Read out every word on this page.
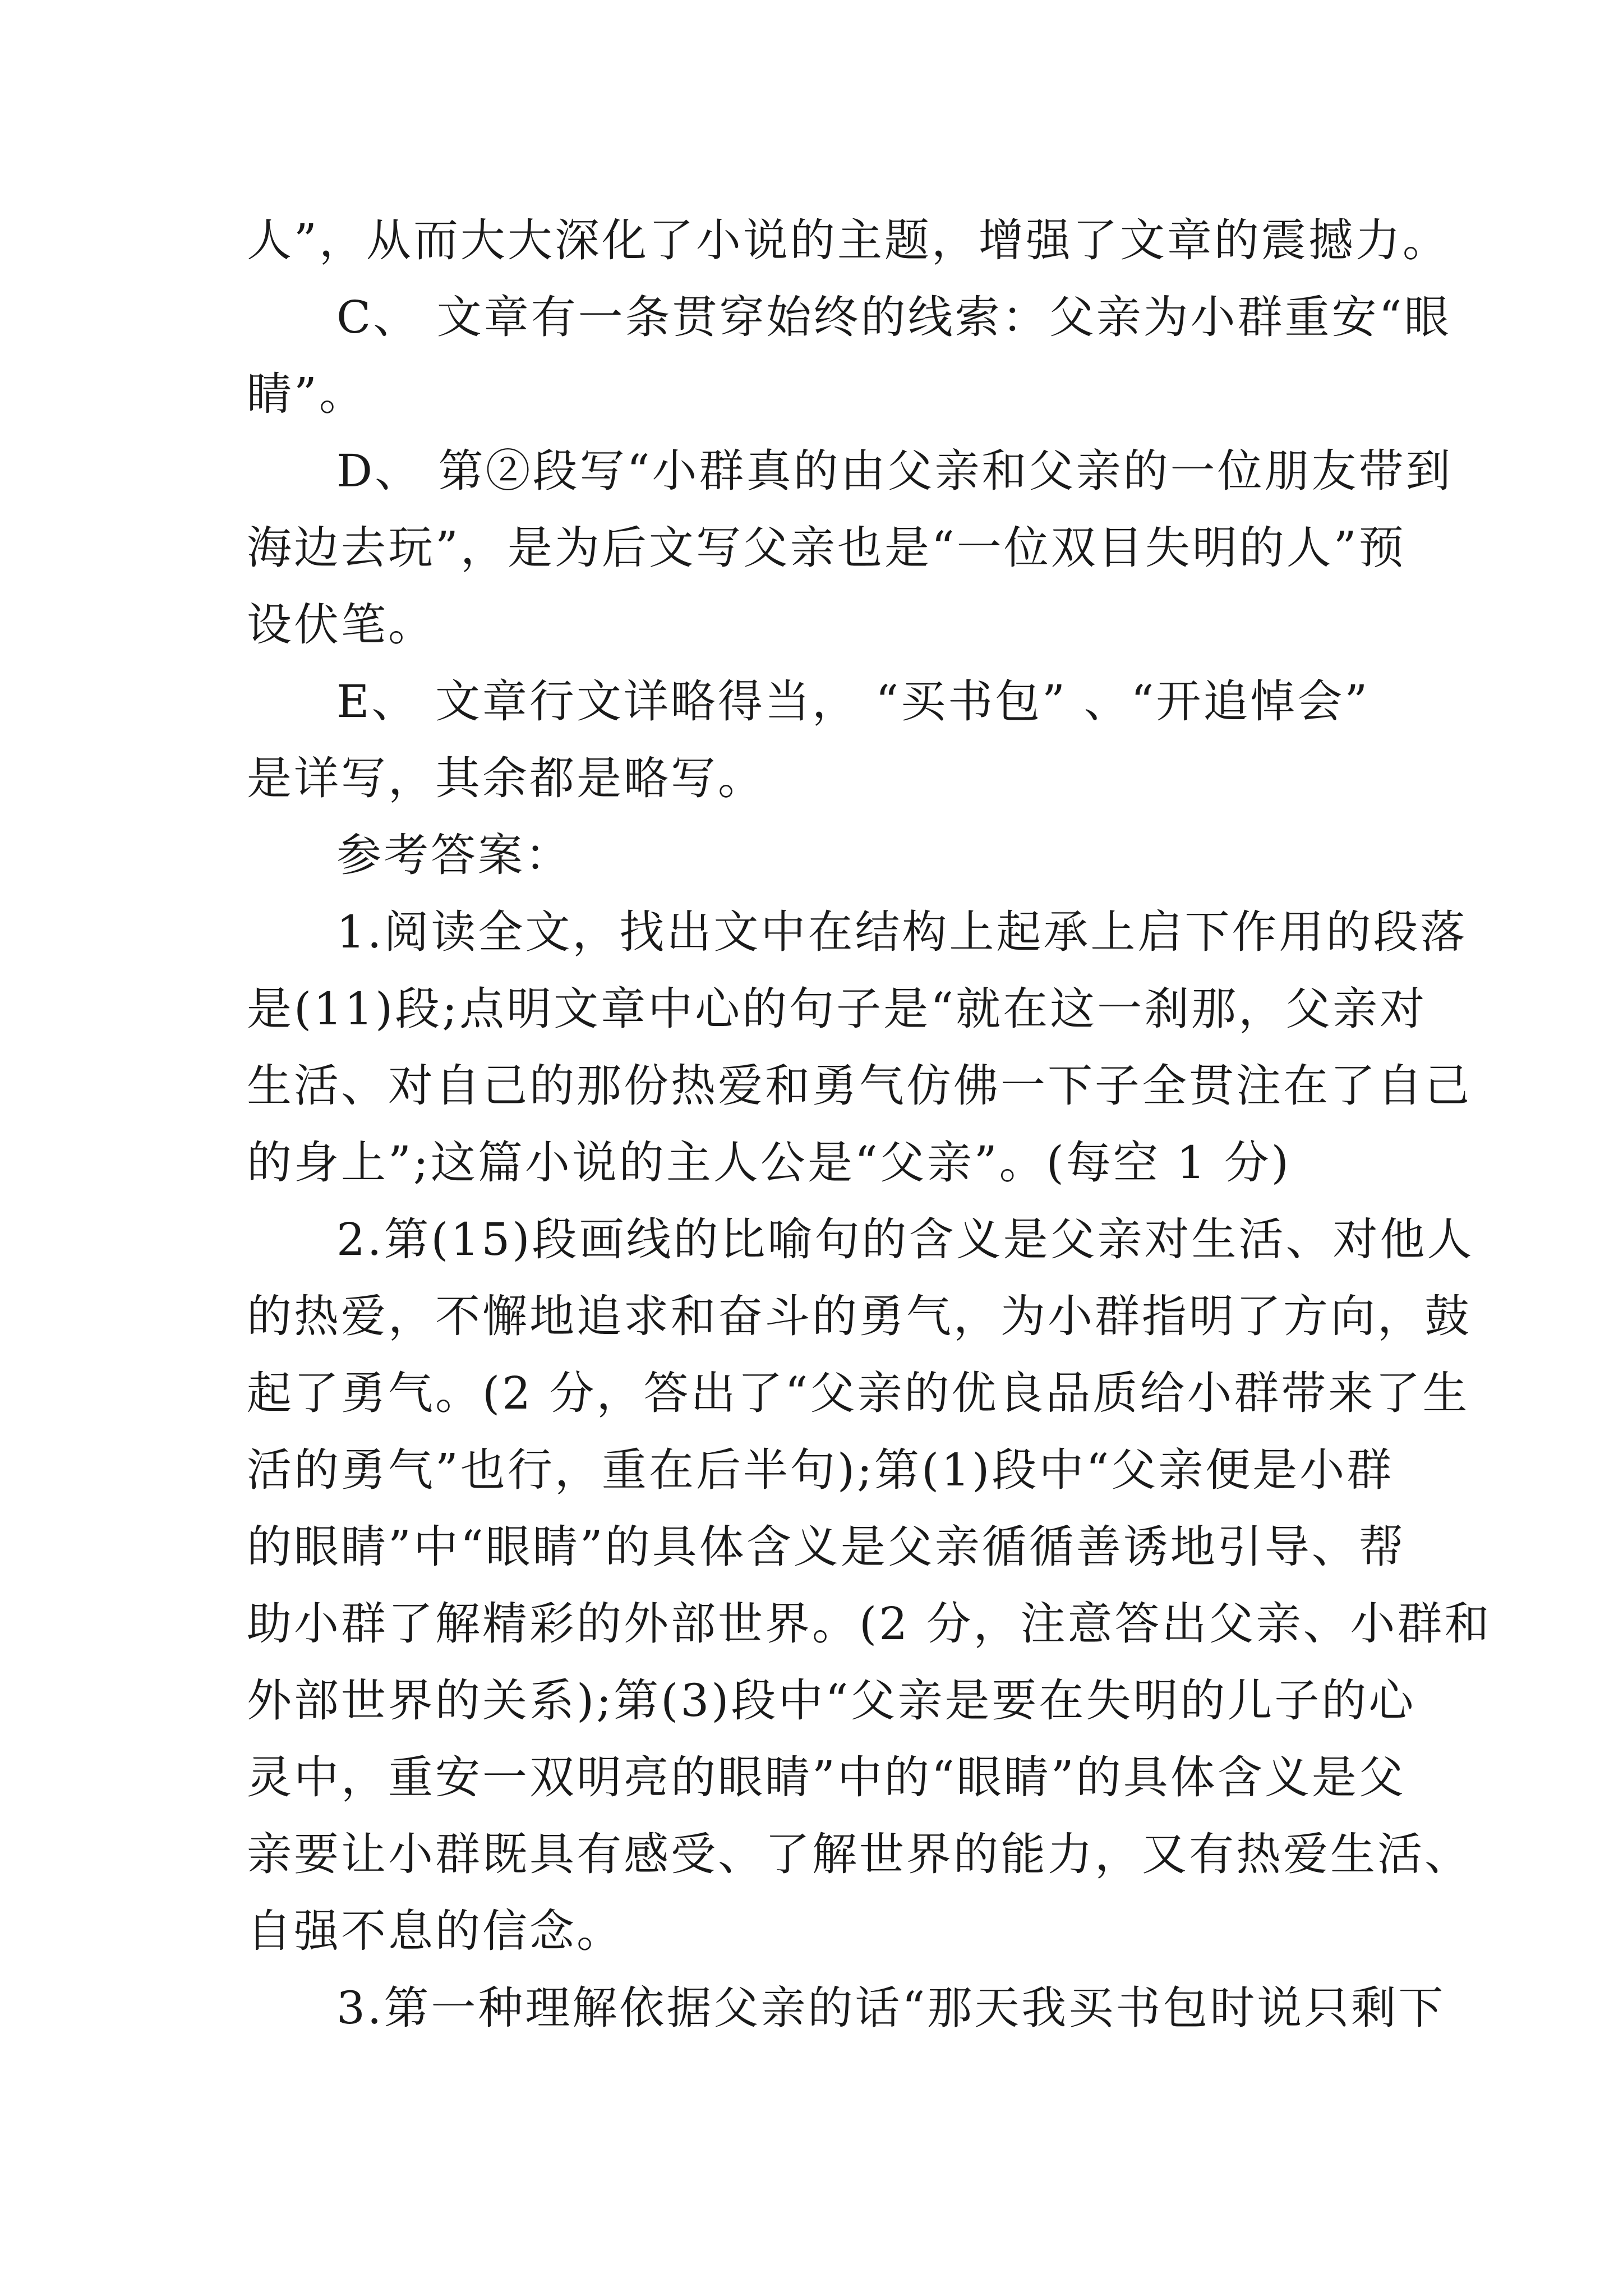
人”，从而大大深化了小说的主题，增强了文章的震撼力。
C、 文章有一条贯穿始终的线索：父亲为小群重安“眼
睛”。
D、 第②段写“小群真的由父亲和父亲的一位朋友带到
海边去玩”，是为后文写父亲也是“一位双目失明的人”预
设伏笔。
E、 文章行文详略得当， “买书包” 、“开追悼会”
是详写，其余都是略写。
参考答案：
1.阅读全文，找出文中在结构上起承上启下作用的段落
是(11)段;点明文章中心的句子是“就在这一刹那，父亲对
生活、对自己的那份热爱和勇气仿佛一下子全贯注在了自己
的身上”;这篇小说的主人公是“父亲”。(每空 1 分)
2.第(15)段画线的比喻句的含义是父亲对生活、对他人
的热爱，不懈地追求和奋斗的勇气，为小群指明了方向，鼓
起了勇气。(2 分，答出了“父亲的优良品质给小群带来了生
活的勇气”也行，重在后半句);第(1)段中“父亲便是小群
的眼睛”中“眼睛”的具体含义是父亲循循善诱地引导、帮
助小群了解精彩的外部世界。(2 分，注意答出父亲、小群和
外部世界的关系);第(3)段中“父亲是要在失明的儿子的心
灵中，重安一双明亮的眼睛”中的“眼睛”的具体含义是父
亲要让小群既具有感受、了解世界的能力，又有热爱生活、
自强不息的信念。
3.第一种理解依据父亲的话“那天我买书包时说只剩下
